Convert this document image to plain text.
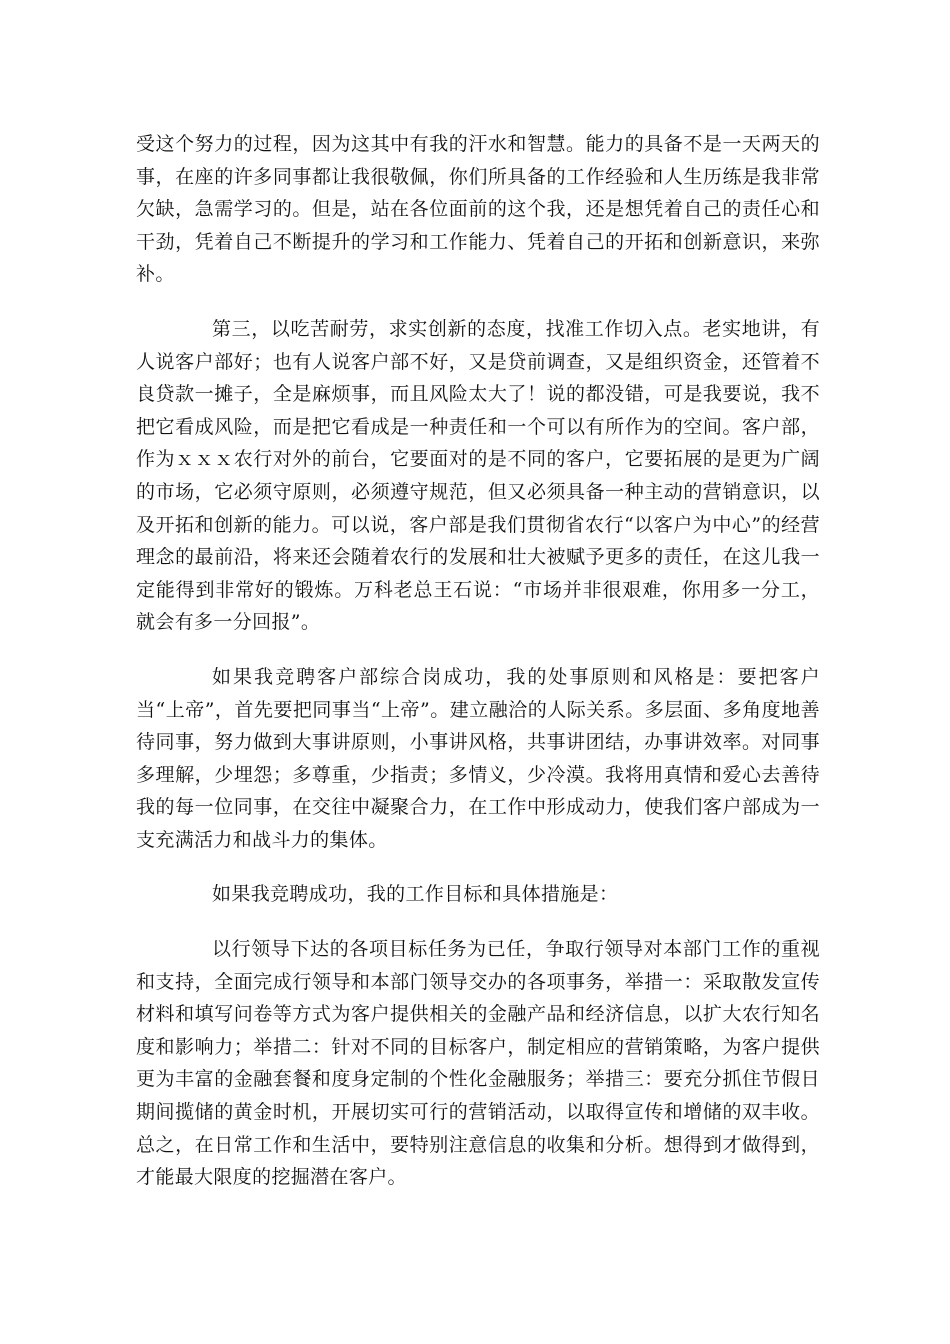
受这个努力的过程，因为这其中有我的汗水和智慧。能力的具备不是一天两天的事，在座的许多同事都让我很敬佩，你们所具备的工作经验和人生历练是我非常欠缺，急需学习的。但是，站在各位面前的这个我，还是想凭着自己的责任心和干劲，凭着自己不断提升的学习和工作能力、凭着自己的开拓和创新意识，来弥补。

第三，以吃苦耐劳，求实创新的态度，找准工作切入点。老实地讲，有人说客户部好；也有人说客户部不好，又是贷前调查，又是组织资金，还管着不良贷款一摊子，全是麻烦事，而且风险太大了！说的都没错，可是我要说，我不把它看成风险，而是把它看成是一种责任和一个可以有所作为的空间。客户部，作为ｘｘｘ农行对外的前台，它要面对的是不同的客户，它要拓展的是更为广阔的市场，它必须守原则，必须遵守规范，但又必须具备一种主动的营销意识，以及开拓和创新的能力。可以说，客户部是我们贯彻省农行“以客户为中心”的经营理念的最前沿，将来还会随着农行的发展和壮大被赋予更多的责任，在这儿我一定能得到非常好的锻炼。万科老总王石说：“市场并非很艰难，你用多一分工，就会有多一分回报”。

如果我竞聘客户部综合岗成功，我的处事原则和风格是：要把客户当“上帝”，首先要把同事当“上帝”。建立融洽的人际关系。多层面、多角度地善待同事，努力做到大事讲原则，小事讲风格，共事讲团结，办事讲效率。对同事多理解，少埋怨；多尊重，少指责；多情义，少冷漠。我将用真情和爱心去善待我的每一位同事，在交往中凝聚合力，在工作中形成动力，使我们客户部成为一支充满活力和战斗力的集体。

如果我竞聘成功，我的工作目标和具体措施是：

以行领导下达的各项目标任务为已任，争取行领导对本部门工作的重视和支持，全面完成行领导和本部门领导交办的各项事务，举措一：采取散发宣传材料和填写问卷等方式为客户提供相关的金融产品和经济信息，以扩大农行知名度和影响力；举措二：针对不同的目标客户，制定相应的营销策略，为客户提供更为丰富的金融套餐和度身定制的个性化金融服务；举措三：要充分抓住节假日期间揽储的黄金时机，开展切实可行的营销活动，以取得宣传和增储的双丰收。总之，在日常工作和生活中，要特别注意信息的收集和分析。想得到才做得到，才能最大限度的挖掘潜在客户。
